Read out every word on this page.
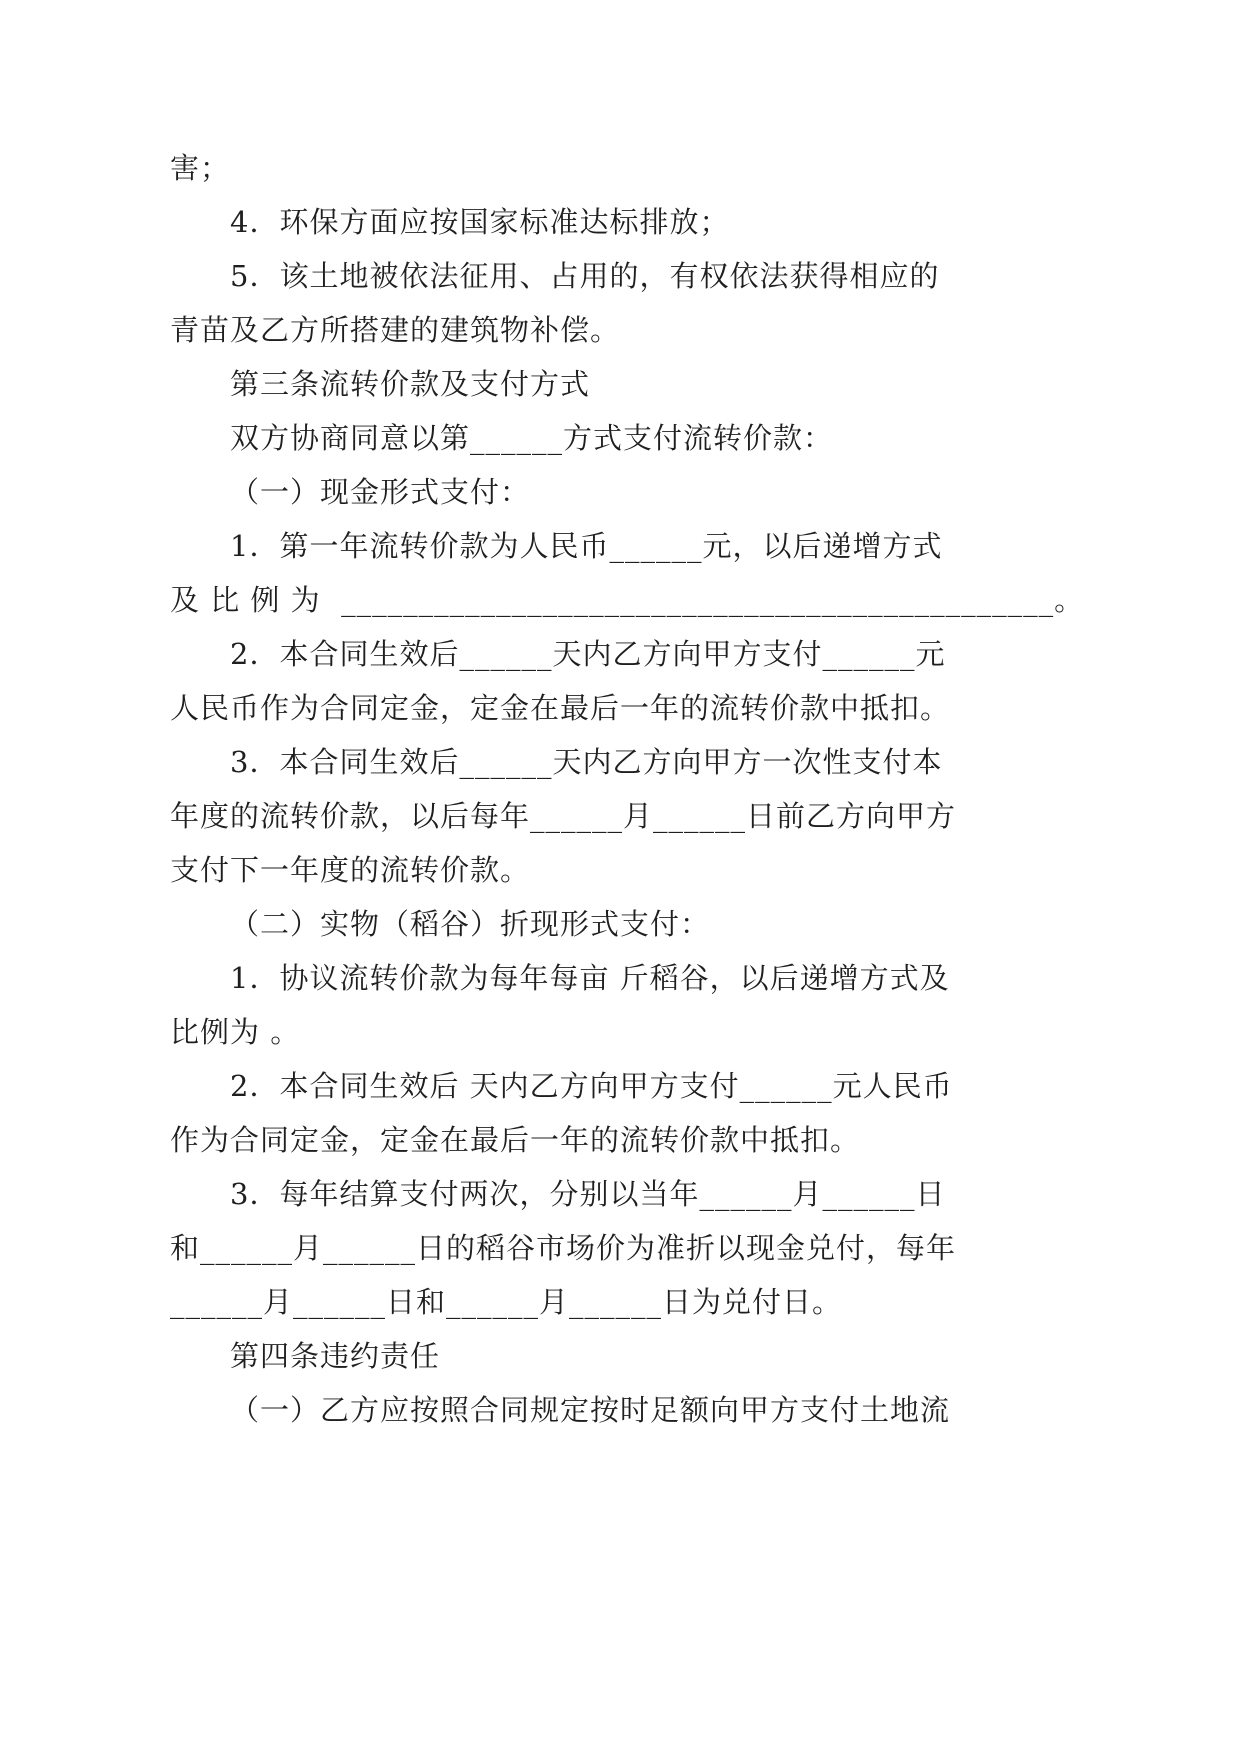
害；
4．环保方面应按国家标准达标排放；
5．该土地被依法征用、占用的，有权依法获得相应的
青苗及乙方所搭建的建筑物补偿。
第三条流转价款及支付方式
双方协商同意以第______方式支付流转价款：
（一）现金形式支付：
1．第一年流转价款为人民币______元，以后递增方式
及 比 例 为  ______________________________________________。
2．本合同生效后______天内乙方向甲方支付______元
人民币作为合同定金，定金在最后一年的流转价款中抵扣。
3．本合同生效后______天内乙方向甲方一次性支付本
年度的流转价款，以后每年______月______日前乙方向甲方
支付下一年度的流转价款。
（二）实物（稻谷）折现形式支付：
1．协议流转价款为每年每亩 斤稻谷，以后递增方式及
比例为 。
2．本合同生效后 天内乙方向甲方支付______元人民币
作为合同定金，定金在最后一年的流转价款中抵扣。
3．每年结算支付两次，分别以当年______月______日
和______月______日的稻谷市场价为准折以现金兑付，每年
______月______日和______月______日为兑付日。
第四条违约责任
（一）乙方应按照合同规定按时足额向甲方支付土地流
